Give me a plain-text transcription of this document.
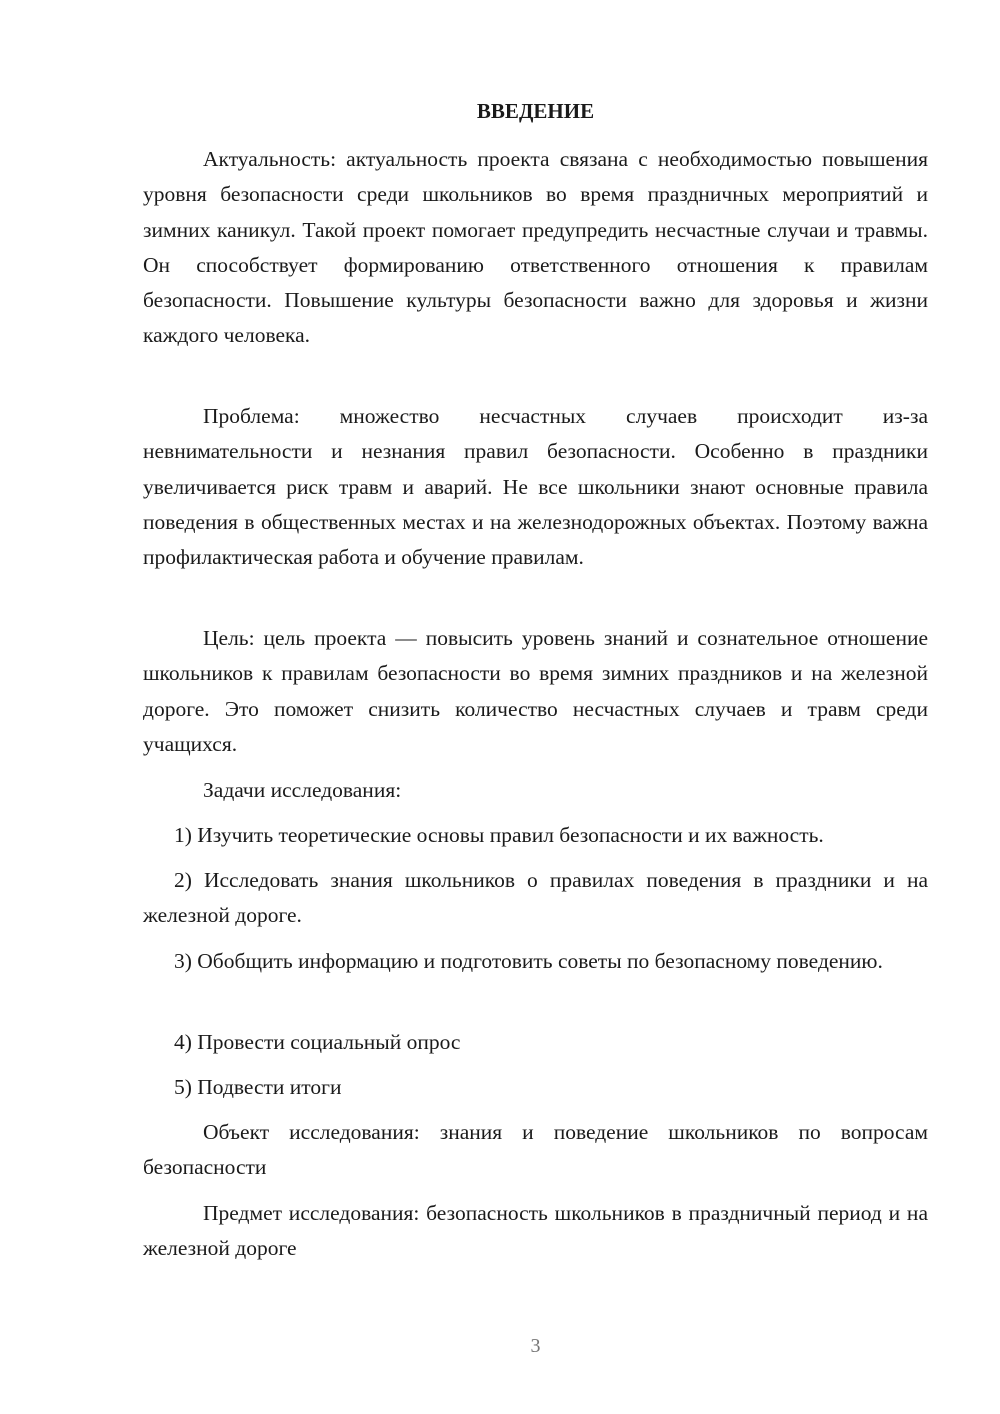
ВВЕДЕНИЕ

Актуальность: актуальность проекта связана с необходимостью повышения уровня безопасности среди школьников во время праздничных мероприятий и зимних каникул. Такой проект помогает предупредить несчастные случаи и травмы. Он способствует формированию ответственного отношения к правилам безопасности. Повышение культуры безопасности важно для здоровья и жизни каждого человека.

Проблема: множество несчастных случаев происходит из-за невнимательности и незнания правил безопасности. Особенно в праздники увеличивается риск травм и аварий. Не все школьники знают основные правила поведения в общественных местах и на железнодорожных объектах. Поэтому важна профилактическая работа и обучение правилам.

Цель: цель проекта — повысить уровень знаний и сознательное отношение школьников к правилам безопасности во время зимних праздников и на железной дороге. Это поможет снизить количество несчастных случаев и травм среди учащихся.

Задачи исследования:

1) Изучить теоретические основы правил безопасности и их важность.

2) Исследовать знания школьников о правилах поведения в праздники и на железной дороге.

3) Обобщить информацию и подготовить советы по безопасному поведению.

4) Провести социальный опрос

5) Подвести итоги

Объект исследования: знания и поведение школьников по вопросам безопасности

Предмет исследования: безопасность школьников в праздничный период и на железной дороге

3
